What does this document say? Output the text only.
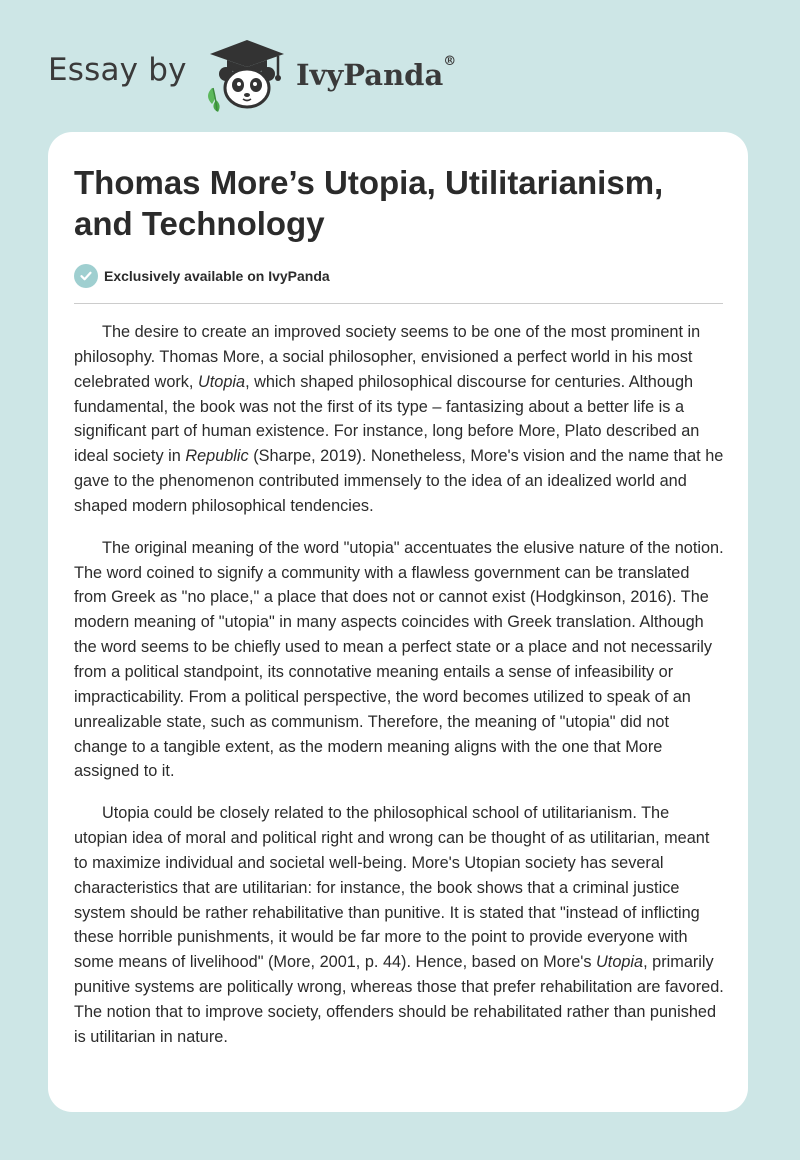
Essay by	IvyPanda®
Thomas More’s Utopia, Utilitarianism, and Technology
Exclusively available on IvyPanda

The desire to create an improved society seems to be one of the most prominent in philosophy. Thomas More, a social philosopher, envisioned a perfect world in his most celebrated work, Utopia, which shaped philosophical discourse for centuries. Although fundamental, the book was not the first of its type – fantasizing about a better life is a significant part of human existence. For instance, long before More, Plato described an ideal society in Republic (Sharpe, 2019). Nonetheless, More's vision and the name that he gave to the phenomenon contributed immensely to the idea of an idealized world and shaped modern philosophical tendencies.

The original meaning of the word "utopia" accentuates the elusive nature of the notion. The word coined to signify a community with a flawless government can be translated from Greek as "no place," a place that does not or cannot exist (Hodgkinson, 2016). The modern meaning of "utopia" in many aspects coincides with Greek translation. Although the word seems to be chiefly used to mean a perfect state or a place and not necessarily from a political standpoint, its connotative meaning entails a sense of infeasibility or impracticability. From a political perspective, the word becomes utilized to speak of an unrealizable state, such as communism. Therefore, the meaning of "utopia" did not change to a tangible extent, as the modern meaning aligns with the one that More assigned to it.

Utopia could be closely related to the philosophical school of utilitarianism. The utopian idea of moral and political right and wrong can be thought of as utilitarian, meant to maximize individual and societal well-being. More's Utopian society has several characteristics that are utilitarian: for instance, the book shows that a criminal justice system should be rather rehabilitative than punitive. It is stated that "instead of inflicting these horrible punishments, it would be far more to the point to provide everyone with some means of livelihood" (More, 2001, p. 44). Hence, based on More's Utopia, primarily punitive systems are politically wrong, whereas those that prefer rehabilitation are favored. The notion that to improve society, offenders should be rehabilitated rather than punished is utilitarian in nature.
